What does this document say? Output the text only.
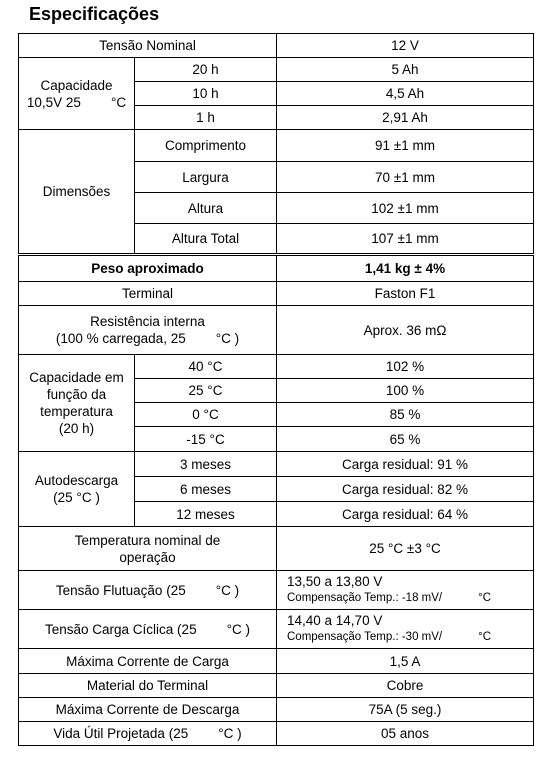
Especificações
Tensão Nominal		12 V

Capacidade
10,5V 25 °C	20 h	5 Ah
	10 h	4,5 Ah
	1 h	2,91 Ah
Dimensões	Comprimento	91 ±1 mm
	Largura	70 ±1 mm
	Altura	102 ±1 mm
	Altura Total	107 ±1 mm
Peso aproximado		1,41 kg ± 4%
Terminal		Faston F1

Resistência interna
(100 % carregada, 25 °C )		Aprox. 36 mΩ

Capacidade em
função da
temperatura
(20 h)	40 °C	102 %
	25 °C	100 %
	0 °C	85 %
	-15 °C	65 %

Autodescarga
(25 °C )	3 meses	Carga residual: 91 %
	6 meses	Carga residual: 82 %
	12 meses	Carga residual: 64 %

Temperatura nominal de
operação		25 °C ±3 °C
Tensão Flutuação (25 °C )		13,50 a 13,80 V
Compensação Temp.: -18 mV/ °C

Tensão Carga Cíclica (25 °C )		14,40 a 14,70 V
Compensação Temp.: -30 mV/ °C

Máxima Corrente de Carga		1,5 A
Material do Terminal		Cobre
Máxima Corrente de Descarga		75A (5 seg.)
Vida Útil Projetada (25 °C )		05 anos
